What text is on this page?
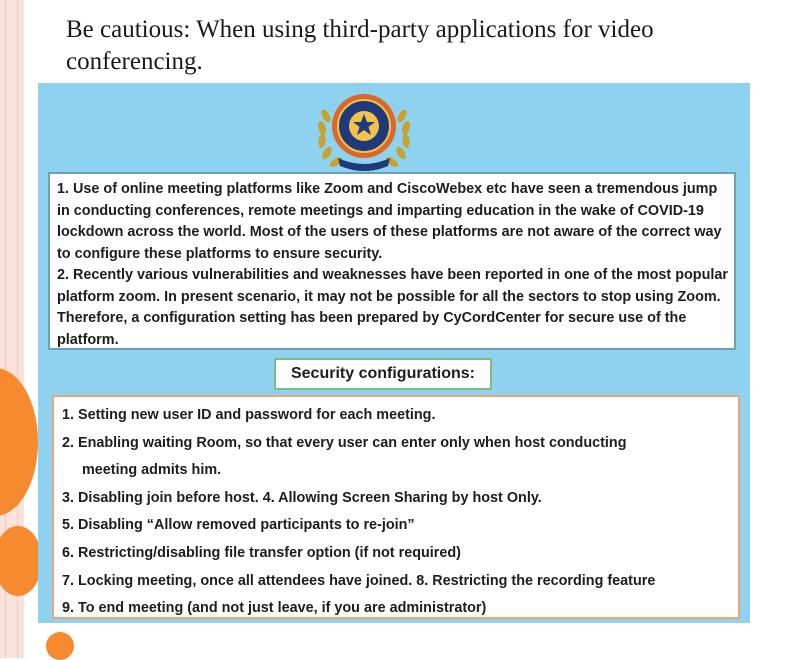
Be cautious: When using third-party applications for video conferencing.

1. Use of online meeting platforms like Zoom and CiscoWebex etc have seen a tremendous jump in conducting conferences, remote meetings and imparting education in the wake of COVID-19 lockdown across the world. Most of the users of these platforms are not aware of the correct way to configure these platforms to ensure security.

2. Recently various vulnerabilities and weaknesses have been reported in one of the most popular platform zoom. In present scenario, it may not be possible for all the sectors to stop using Zoom. Therefore, a configuration setting has been prepared by CyCordCenter for secure use of the platform.

Security configurations:
1. Setting new user ID and password for each meeting.
2. Enabling waiting Room, so that every user can enter only when host conducting
meeting admits him.
3. Disabling join before host. 4. Allowing Screen Sharing by host Only.
5. Disabling “Allow removed participants to re-join”
6. Restricting/disabling file transfer option (if not required)
7. Locking meeting, once all attendees have joined. 8. Restricting the recording feature
9. To end meeting (and not just leave, if you are administrator)
